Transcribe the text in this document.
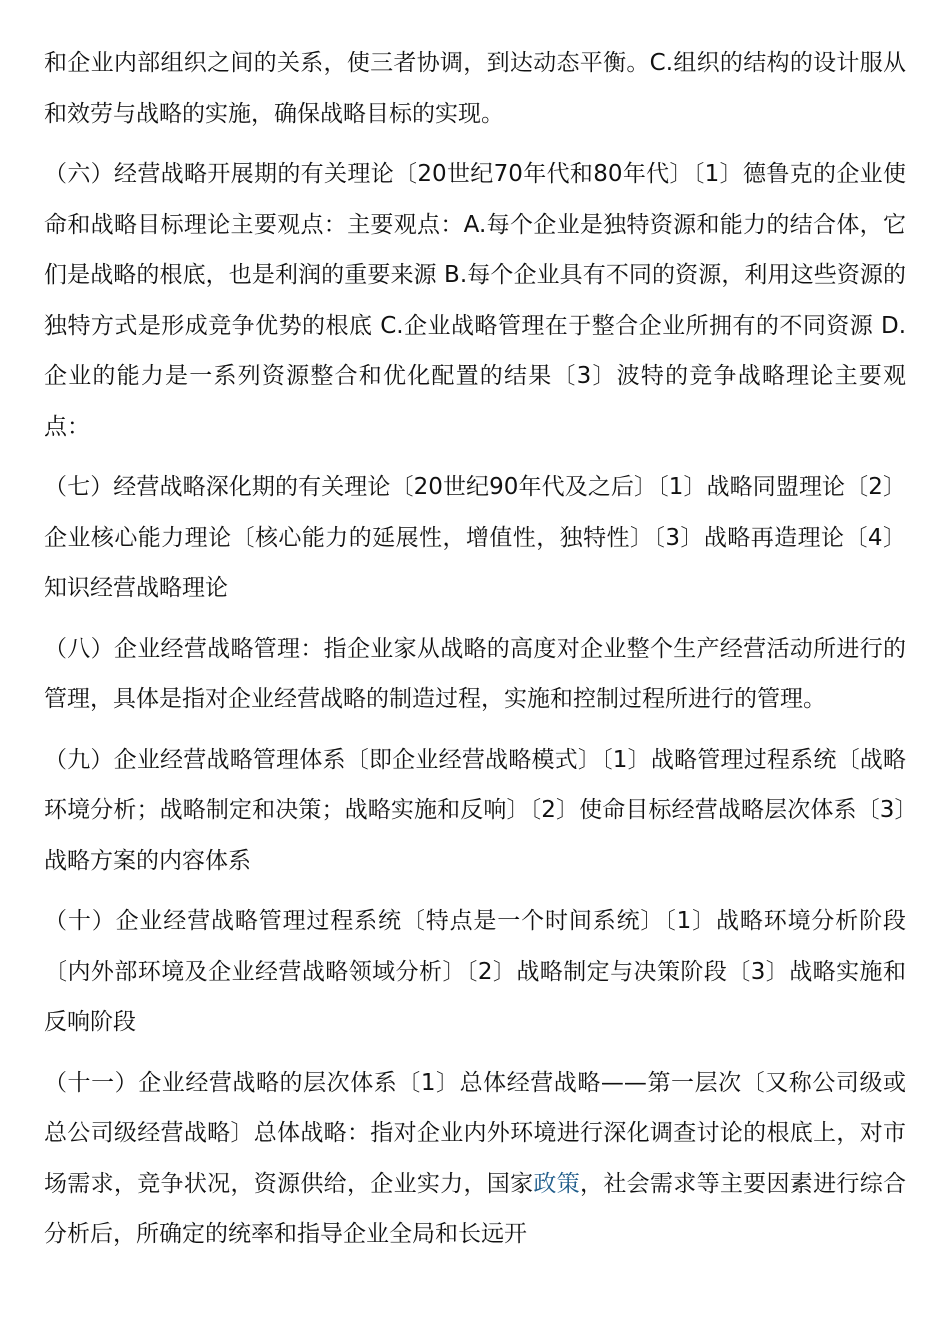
和企业内部组织之间的关系，使三者协调，到达动态平衡。C.组织的结构的设计服从和效劳与战略的实施，确保战略目标的实现。

（六）经营战略开展期的有关理论〔20世纪70年代和80年代〕〔1〕德鲁克的企业使命和战略目标理论主要观点：主要观点：A.每个企业是独特资源和能力的结合体，它们是战略的根底，也是利润的重要来源 B.每个企业具有不同的资源，利用这些资源的独特方式是形成竞争优势的根底 C.企业战略管理在于整合企业所拥有的不同资源 D.企业的能力是一系列资源整合和优化配置的结果〔3〕波特的竞争战略理论主要观点：

（七）经营战略深化期的有关理论〔20世纪90年代及之后〕〔1〕战略同盟理论〔2〕企业核心能力理论〔核心能力的延展性，增值性，独特性〕〔3〕战略再造理论〔4〕知识经营战略理论

（八）企业经营战略管理：指企业家从战略的高度对企业整个生产经营活动所进行的管理，具体是指对企业经营战略的制造过程，实施和控制过程所进行的管理。

（九）企业经营战略管理体系〔即企业经营战略模式〕〔1〕战略管理过程系统〔战略环境分析；战略制定和决策；战略实施和反响〕〔2〕使命目标经营战略层次体系〔3〕战略方案的内容体系

（十）企业经营战略管理过程系统〔特点是一个时间系统〕〔1〕战略环境分析阶段〔内外部环境及企业经营战略领域分析〕〔2〕战略制定与决策阶段〔3〕战略实施和反响阶段

（十一）企业经营战略的层次体系〔1〕总体经营战略——第一层次〔又称公司级或总公司级经营战略〕总体战略：指对企业内外环境进行深化调查讨论的根底上，对市场需求，竞争状况，资源供给，企业实力，国家政策，社会需求等主要因素进行综合分析后，所确定的统率和指导企业全局和长远开
